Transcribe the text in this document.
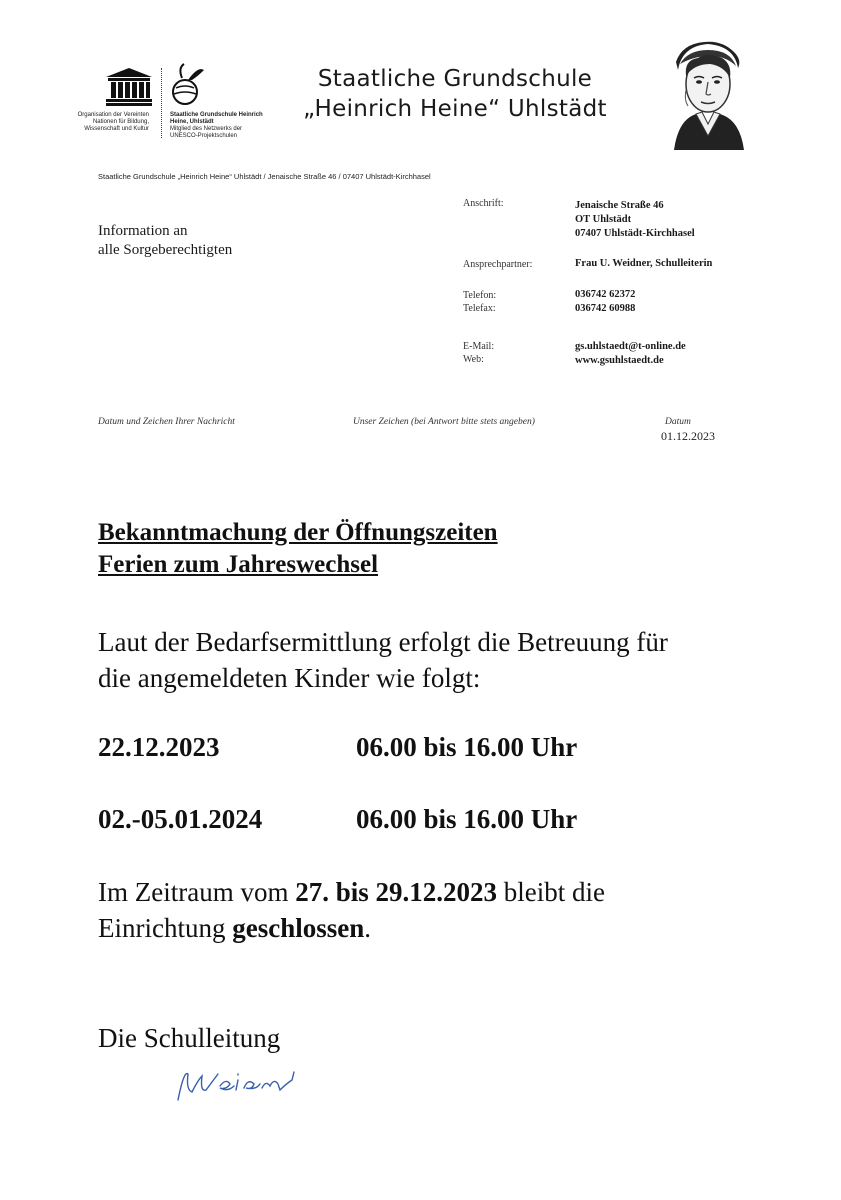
Organisation der Vereinten Nationen für Bildung, Wissenschaft und Kultur
Staatliche Grundschule Heinrich Heine, Uhlstädt
Mitglied des Netzwerks der UNESCO-Projektschulen
Staatliche Grundschule
„Heinrich Heine“ Uhlstädt
Staatliche Grundschule „Heinrich Heine“ Uhlstädt / Jenaische Straße 46 / 07407 Uhlstädt-Kirchhasel
Information an
alle Sorgeberechtigten
Anschrift:	Jenaische Straße 46
OT Uhlstädt
07407 Uhlstädt-Kirchhasel
Ansprechpartner:	Frau U. Weidner, Schulleiterin
Telefon:	036742 62372
Telefax:	036742 60988
E-Mail:	gs.uhlstaedt@t-online.de
Web:	www.gsuhlstaedt.de
Datum und Zeichen Ihrer Nachricht	Unser Zeichen (bei Antwort bitte stets angeben)	Datum
01.12.2023
Bekanntmachung der Öffnungszeiten
Ferien zum Jahreswechsel
Laut der Bedarfsermittlung erfolgt die Betreuung für
die angemeldeten Kinder wie folgt:
22.12.2023	06.00 bis 16.00 Uhr
02.-05.01.2024	06.00 bis 16.00 Uhr
Im Zeitraum vom 27. bis 29.12.2023 bleibt die
Einrichtung geschlossen.
Die Schulleitung
